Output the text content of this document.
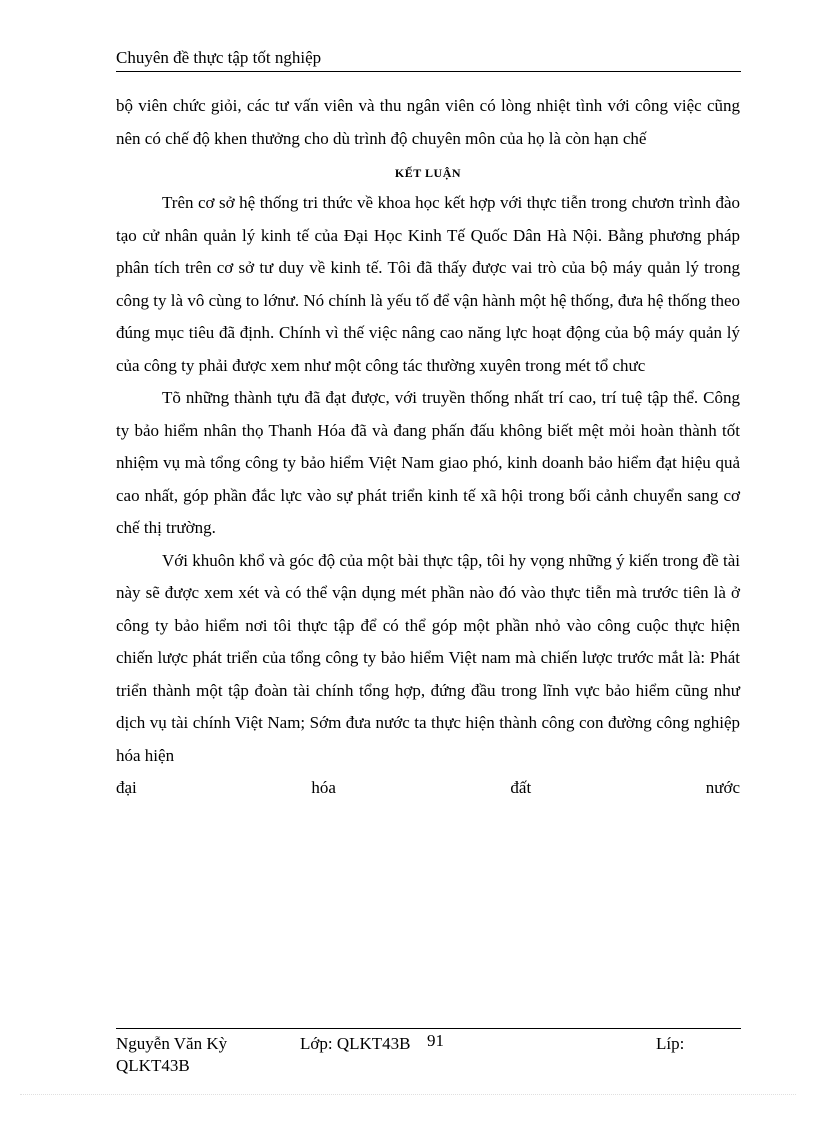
Chuyên đề thực tập tốt nghiệp

bộ viên chức giỏi, các tư vấn viên và thu ngân viên có lòng nhiệt tình với công việc cũng nên có chế độ khen thưởng cho dù trình độ chuyên môn của họ là còn hạn chế

KẾT LUẬN

Trên cơ sở hệ thống tri thức về khoa học kết hợp với thực tiễn trong chươn trình đào tạo cử nhân quản lý kinh tế của Đại Học Kinh Tế Quốc Dân Hà Nội. Bằng phương pháp phân tích trên cơ sở tư duy về kinh tế. Tôi đã thấy được vai trò của bộ máy quản lý trong công ty là vô cùng to lớnư. Nó chính là yếu tố để vận hành một hệ thống, đưa hệ thống theo đúng mục tiêu đã định. Chính vì thế việc nâng cao năng lực hoạt động của bộ máy quản lý của công ty phải được xem như một công tác thường xuyên trong mét tổ chưc

Tõ những thành tựu đã đạt được, với truyền thống nhất trí cao, trí tuệ tập thể. Công ty bảo hiểm nhân thọ Thanh Hóa đã và đang phấn đấu không biết mệt mỏi hoàn thành tốt nhiệm vụ mà tổng công ty bảo hiểm Việt Nam giao phó, kinh doanh bảo hiểm đạt hiệu quả cao nhất, góp phần đắc lực vào sự phát triển kinh tế xã hội trong bối cảnh chuyển sang cơ chế thị trường.

Với khuôn khổ và góc độ của một bài thực tập, tôi hy vọng những ý kiến trong đề tài này sẽ được xem xét và có thể vận dụng mét phần nào đó vào thực tiễn mà trước tiên là ở công ty bảo hiểm nơi tôi thực tập để có thể góp một phần nhỏ vào công cuộc thực hiện chiến lược phát triển của tổng công ty bảo hiểm Việt nam mà chiến lược trước mắt là: Phát triển thành một tập đoàn tài chính tổng hợp, đứng đầu trong lĩnh vực bảo hiểm cũng như dịch vụ tài chính Việt Nam; Sớm đưa nước ta thực hiện thành công con đường công nghiệp hóa hiện

đại	hóa	đất	nước
Nguyễn Văn Kỳ	Lớp: QLKT43B 91	Líp:
QLKT43B
